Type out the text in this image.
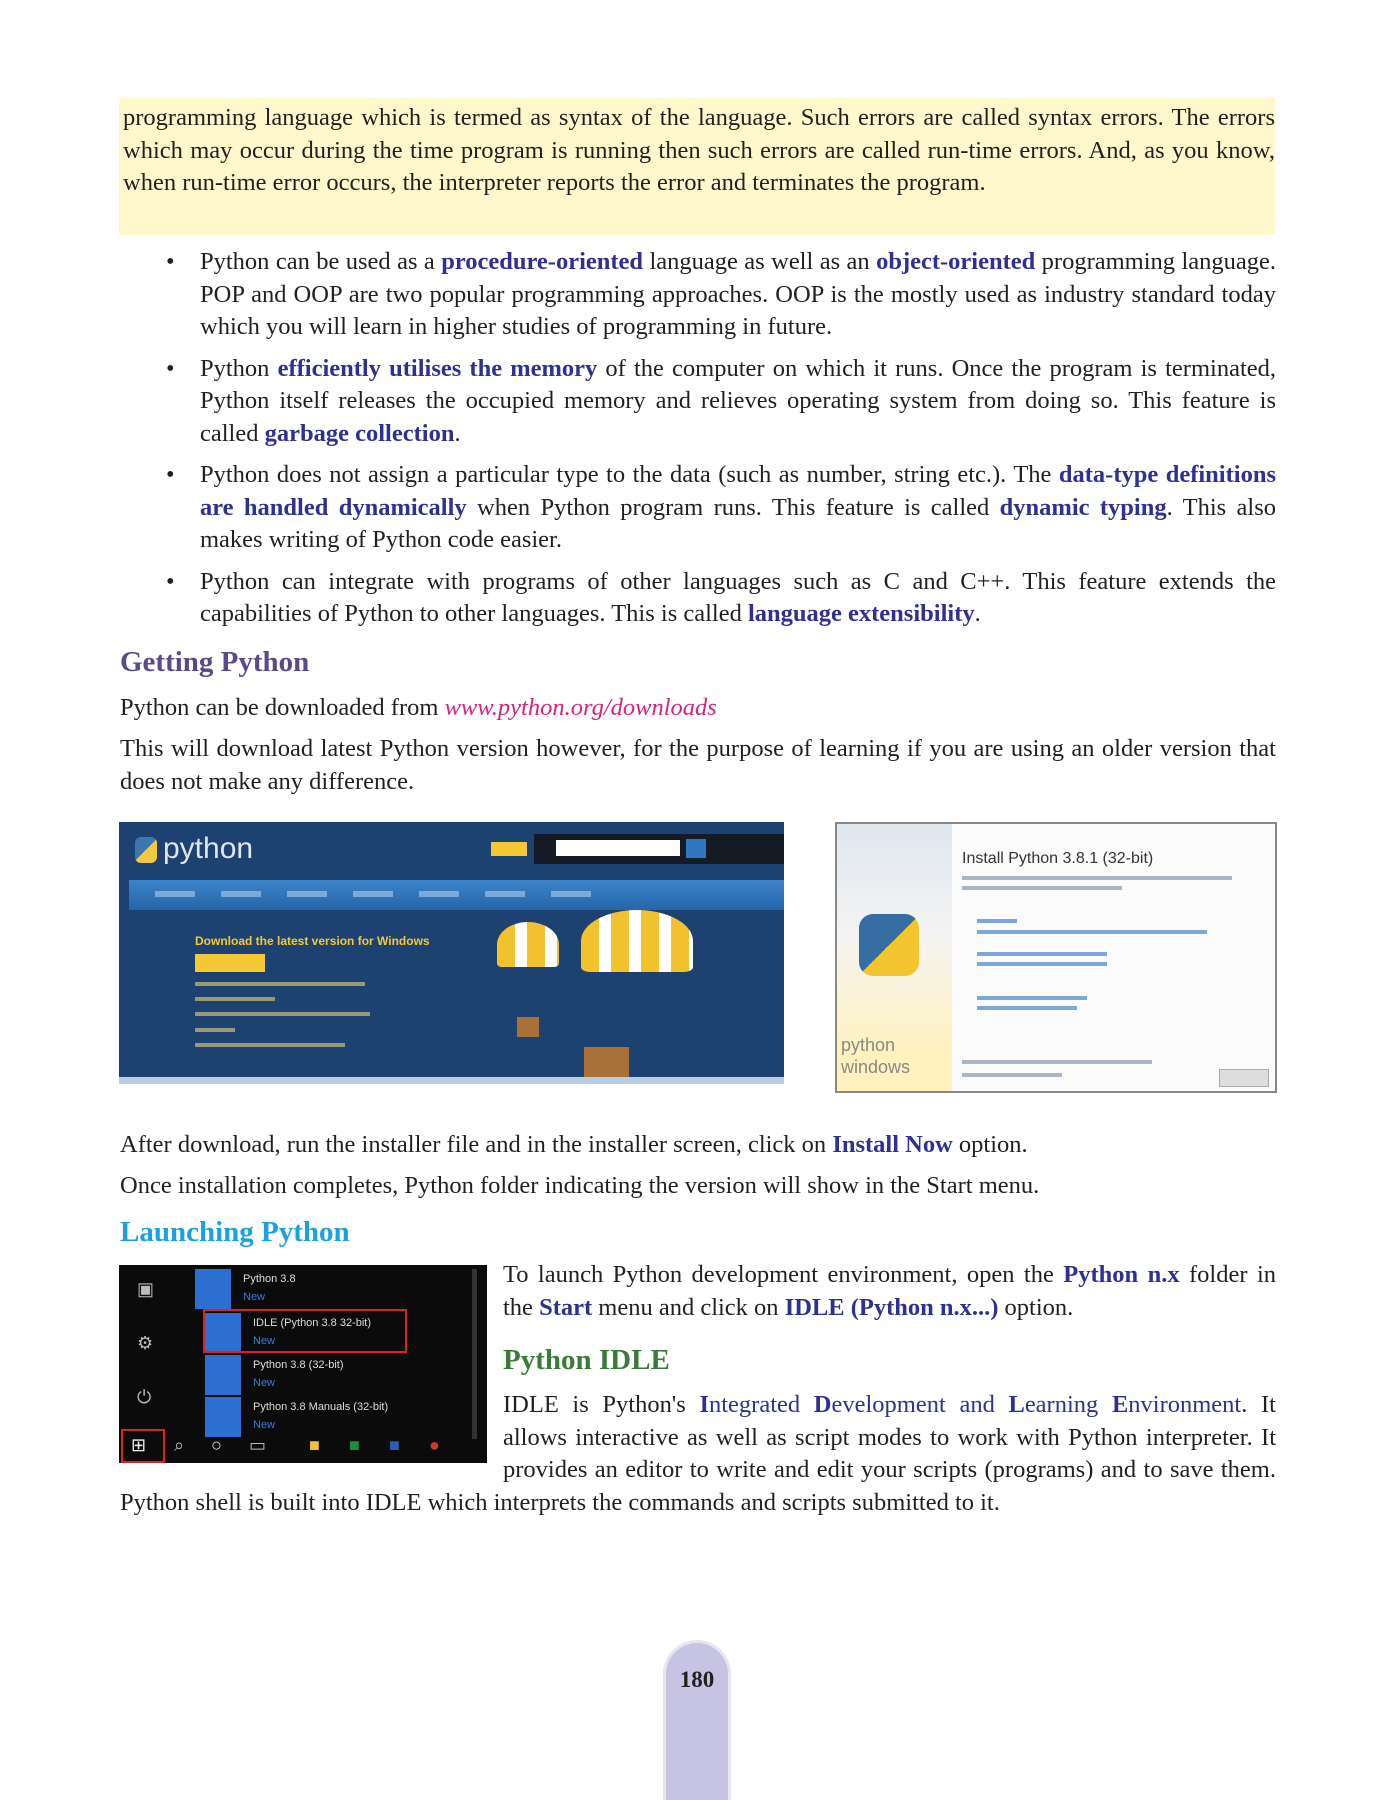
programming language which is termed as syntax of the language. Such errors are called syntax errors. The errors which may occur during the time program is running then such errors are called run-time errors. And, as you know, when run-time error occurs, the interpreter reports the error and terminates the program.

• Python can be used as a procedure-oriented language as well as an object-oriented programming language. POP and OOP are two popular programming approaches. OOP is the mostly used as industry standard today which you will learn in higher studies of programming in future.
• Python efficiently utilises the memory of the computer on which it runs. Once the program is terminated, Python itself releases the occupied memory and relieves operating system from doing so. This feature is called garbage collection.
• Python does not assign a particular type to the data (such as number, string etc.). The data-type definitions are handled dynamically when Python program runs. This feature is called dynamic typing. This also makes writing of Python code easier.
• Python can integrate with programs of other languages such as C and C++. This feature extends the capabilities of Python to other languages. This is called language extensibility.
Getting Python
Python can be downloaded from www.python.org/downloads
This will download latest Python version however, for the purpose of learning if you are using an older version that does not make any difference.
python
Download the latest version for Windows
python
windows
Install Python 3.8.1 (32-bit)
After download, run the installer file and in the installer screen, click on Install Now option.
Once installation completes, Python folder indicating the version will show in the Start menu.
Launching Python
▣
⚙
⏻
Python 3.8
New
IDLE (Python 3.8 32-bit)
New
Python 3.8 (32-bit)
New
Python 3.8 Manuals (32-bit)
New
⊞ ⌕ ○ ▭ ■ ■ ■ ●
To launch Python development environment, open the Python n.x folder in the Start menu and click on IDLE (Python n.x...) option.
Python IDLE
IDLE is Python's Integrated Development and Learning Environment. It allows interactive as well as script modes to work with Python interpreter. It provides an editor to write and edit your scripts (programs) and to save them. Python shell is built into IDLE which interprets the commands and scripts submitted to it.
180
